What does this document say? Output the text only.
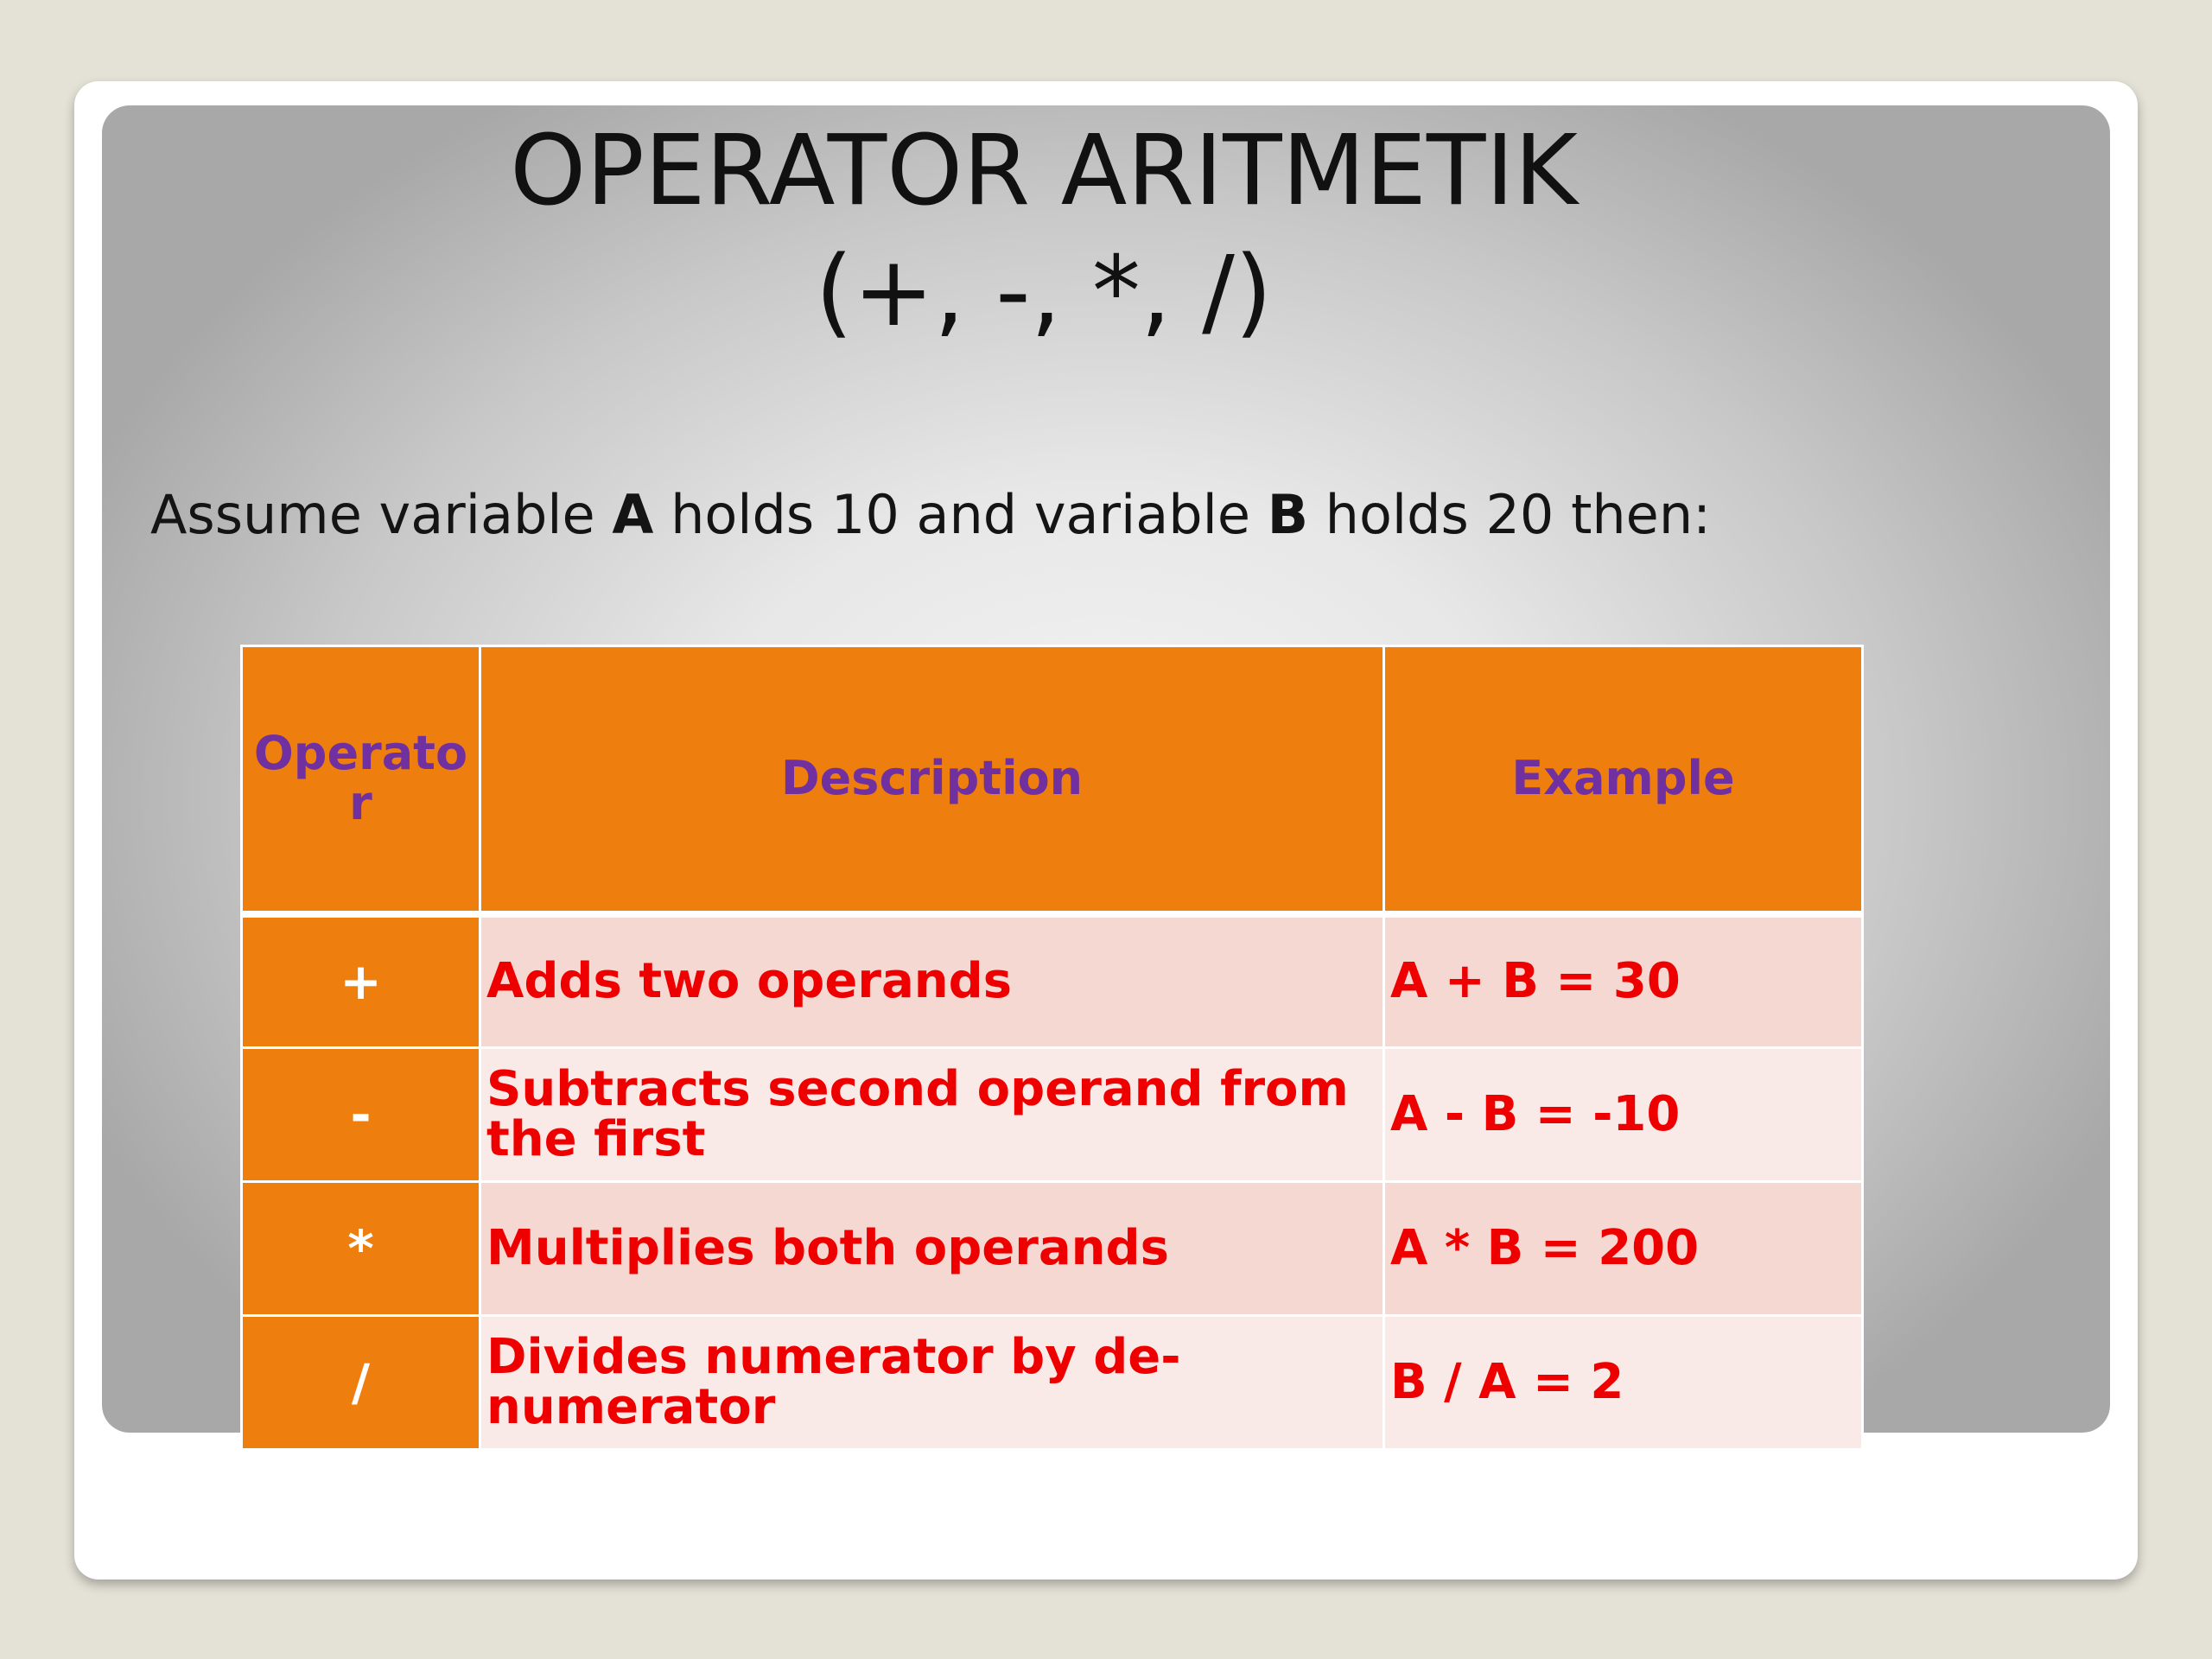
OPERATOR ARITMETIK
(+, -, *, /)
Assume variable A holds 10 and variable B holds 20 then:
Operator	Description	Example
+	Adds two operands	A + B = 30
-	Subtracts second operand from the first	A - B = -10
*	Multiplies both operands	A * B = 200
/	Divides numerator by de-numerator	B / A = 2
